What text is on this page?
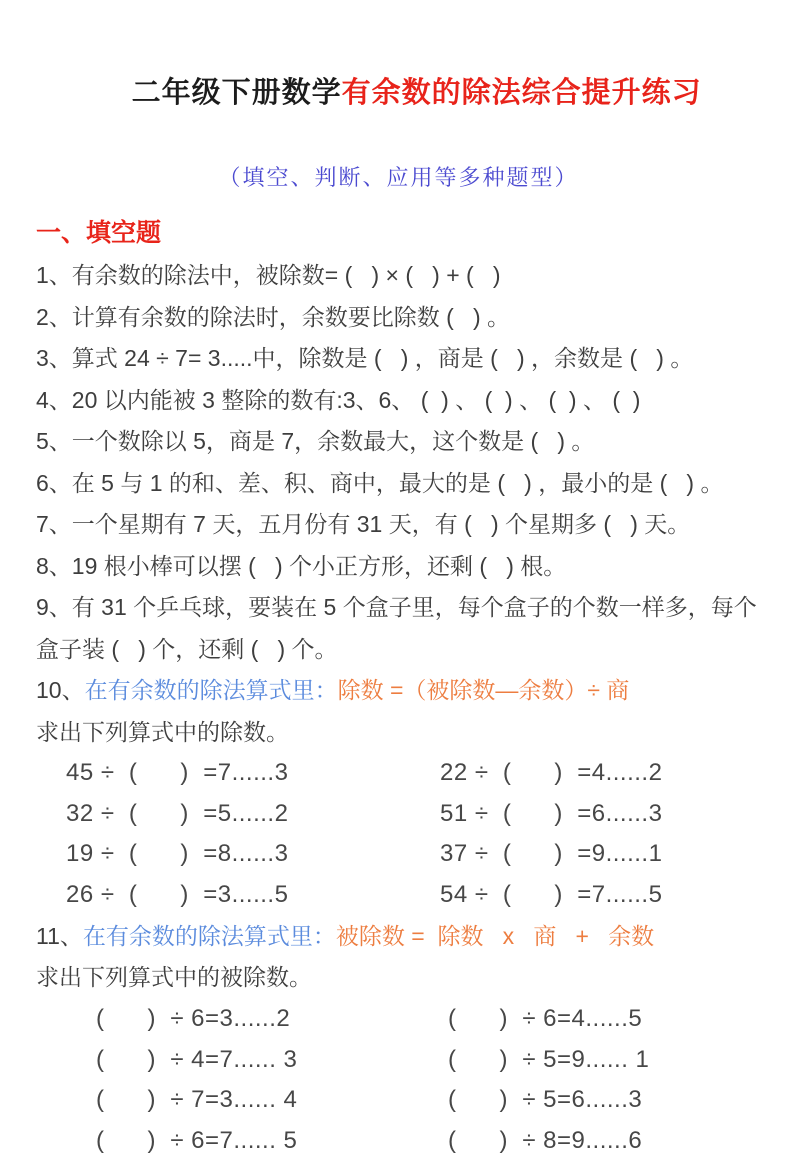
二年级下册数学有余数的除法综合提升练习

（填空、判断、应用等多种题型）
一、填空题

1、有余数的除法中，被除数= (   ) × (   ) + (   )

2、计算有余数的除法时，余数要比除数 (   ) 。

3、算式 24 ÷ 7= 3.....中，除数是 (   ) ，商是 (   ) ，余数是 (   ) 。

4、20 以内能被 3 整除的数有:3、6、 (  ) 、 (  ) 、 (  ) 、 (  )

5、一个数除以 5，商是 7，余数最大，这个数是 (   ) 。

6、在 5 与 1 的和、差、积、商中，最大的是 (   ) ，最小的是 (   ) 。

7、一个星期有 7 天，五月份有 31 天，有 (   ) 个星期多 (   ) 天。

8、19 根小棒可以摆 (   ) 个小正方形，还剩 (   ) 根。

9、有 31 个乒乓球，要装在 5 个盒子里，每个盒子的个数一样多，每个盒子装 (   ) 个，还剩 (   ) 个。

10、在有余数的除法算式里：除数 =（被除数—余数）÷ 商

求出下列算式中的除数。

45 ÷  (      )  =7......3	22 ÷  (      )  =4......2

32 ÷  (      )  =5......2	51 ÷  (      )  =6......3

19 ÷  (      )  =8......3	37 ÷  (      )  =9......1

26 ÷  (      )  =3......5	54 ÷  (      )  =7......5

11、在有余数的除法算式里：被除数 =  除数   x   商   +   余数

求出下列算式中的被除数。

(      )  ÷ 6=3......2	(      )  ÷ 6=4......5

(      )  ÷ 4=7...... 3	(      )  ÷ 5=9...... 1

(      )  ÷ 7=3...... 4	(      )  ÷ 5=6......3

(      )  ÷ 6=7...... 5	(      )  ÷ 8=9......6
